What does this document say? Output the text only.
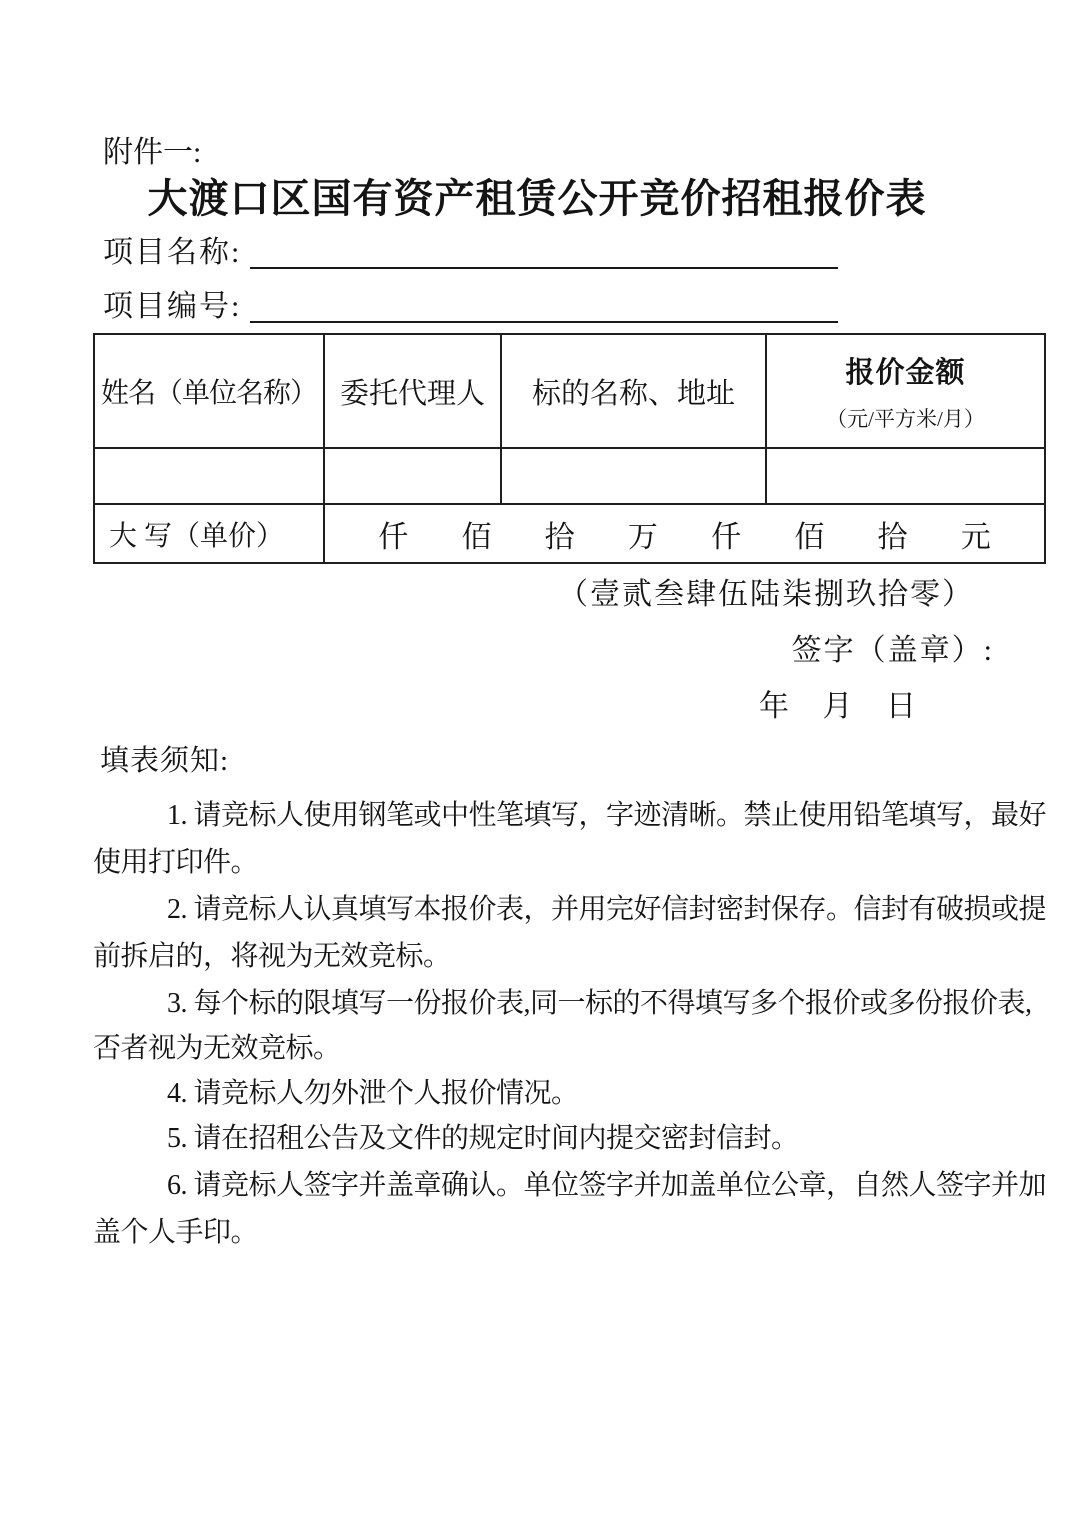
附件一:
大渡口区国有资产租赁公开竞价招租报价表
项目名称:
项目编号:
姓名（单位名称） 委托代理人	标的名称、地址
报价金额
（元/平方米/月）
大 写（单价）	仟 佰 拾 万 仟 佰 拾 元
（壹贰叁肆伍陆柒捌玖拾零）
签字（盖章）:
年 月 日
填表须知:
1. 请竞标人使用钢笔或中性笔填写，字迹清晰。禁止使用铅笔填写，最好
使用打印件。
2. 请竞标人认真填写本报价表，并用完好信封密封保存。信封有破损或提
前拆启的，将视为无效竞标。
3. 每个标的限填写一份报价表,同一标的不得填写多个报价或多份报价表,
否者视为无效竞标。
4. 请竞标人勿外泄个人报价情况。
5. 请在招租公告及文件的规定时间内提交密封信封。
6. 请竞标人签字并盖章确认。单位签字并加盖单位公章，自然人签字并加
盖个人手印。
